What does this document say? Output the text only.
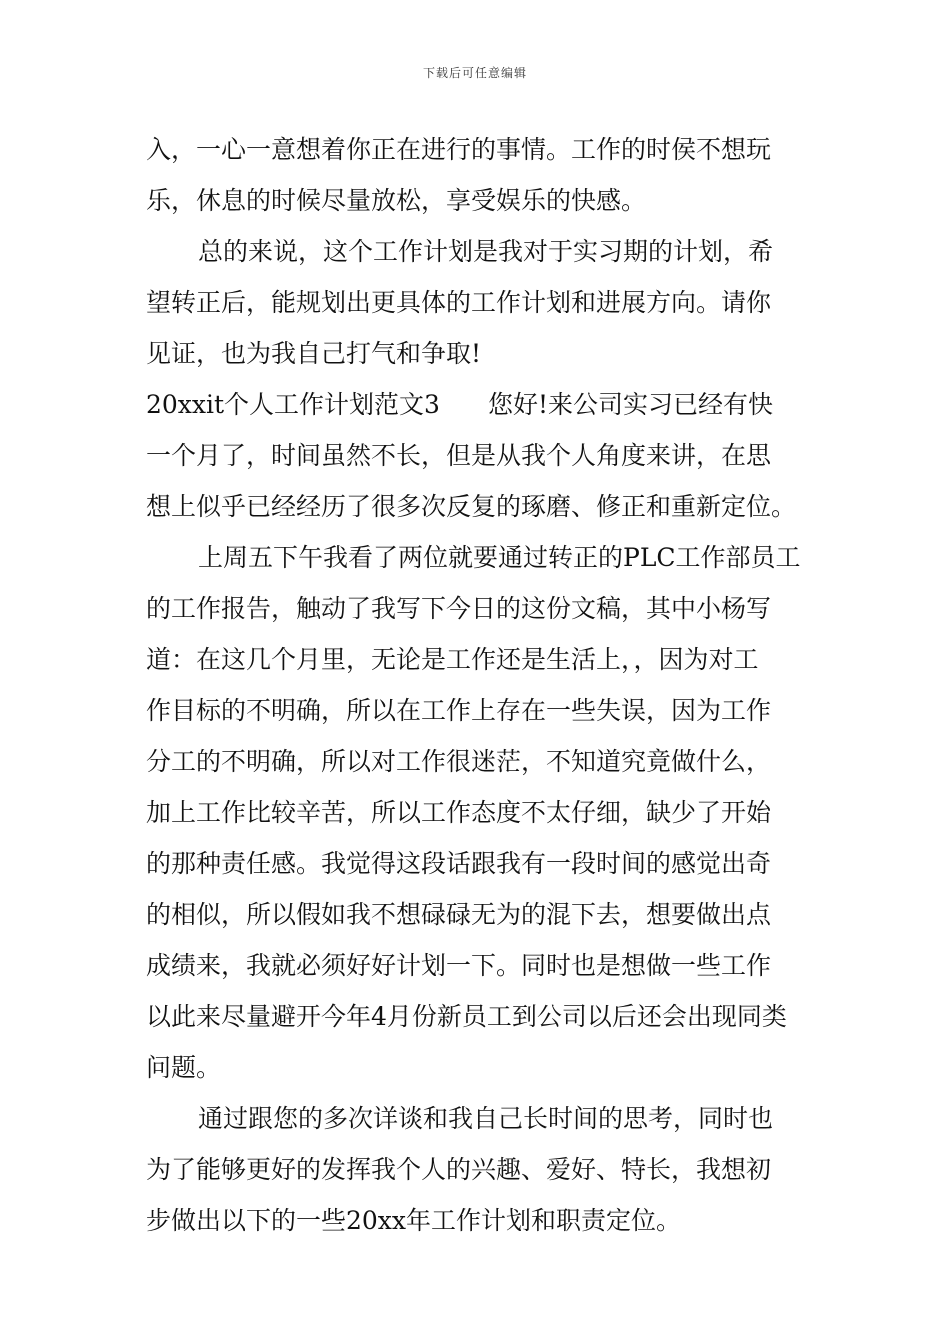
下载后可任意编辑
入，一心一意想着你正在进行的事情。工作的时侯不想玩
乐，休息的时候尽量放松，享受娱乐的快感。
总的来说，这个工作计划是我对于实习期的计划，希
望转正后，能规划出更具体的工作计划和进展方向。请你
见证，也为我自己打气和争取!
20xxit个人工作计划范文3 您好!来公司实习已经有快
一个月了，时间虽然不长，但是从我个人角度来讲，在思
想上似乎已经经历了很多次反复的琢磨、修正和重新定位。
上周五下午我看了两位就要通过转正的PLC工作部员工
的工作报告，触动了我写下今日的这份文稿，其中小杨写
道：在这几个月里，无论是工作还是生活上，，因为对工
作目标的不明确，所以在工作上存在一些失误，因为工作
分工的不明确，所以对工作很迷茫，不知道究竟做什么，
加上工作比较辛苦，所以工作态度不太仔细，缺少了开始
的那种责任感。我觉得这段话跟我有一段时间的感觉出奇
的相似，所以假如我不想碌碌无为的混下去，想要做出点
成绩来，我就必须好好计划一下。同时也是想做一些工作
以此来尽量避开今年4月份新员工到公司以后还会出现同类
问题。
通过跟您的多次详谈和我自己长时间的思考，同时也
为了能够更好的发挥我个人的兴趣、爱好、特长，我想初
步做出以下的一些20xx年工作计划和职责定位。
